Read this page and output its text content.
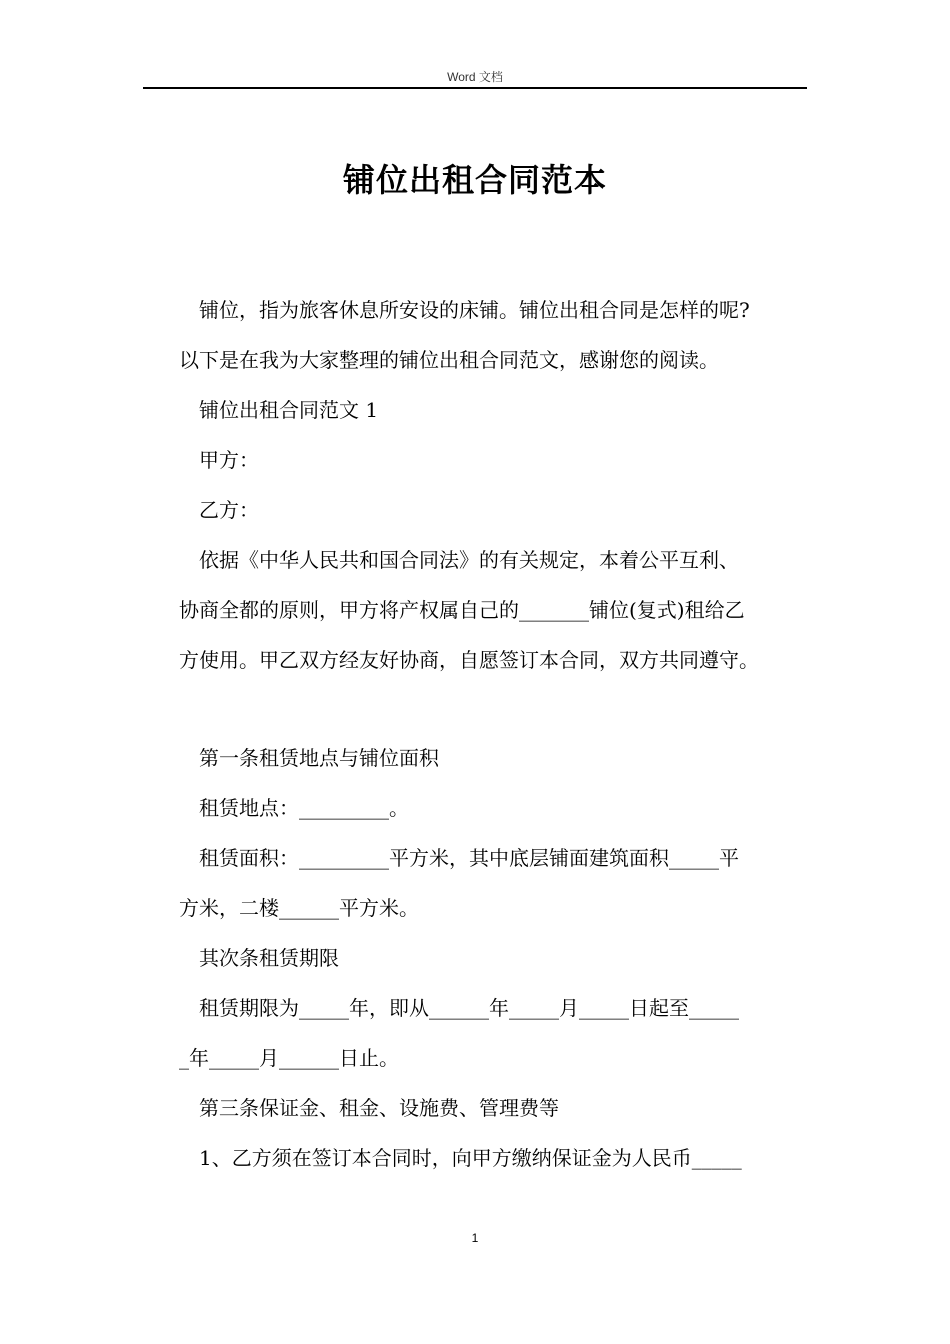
Word 文档
铺位出租合同范本
铺位，指为旅客休息所安设的床铺。铺位出租合同是怎样的呢?
以下是在我为大家整理的铺位出租合同范文，感谢您的阅读。
铺位出租合同范文 1
甲方：
乙方：
依据《中华人民共和国合同法》的有关规定，本着公平互利、
协商全都的原则，甲方将产权属自己的_______铺位(复式)租给乙
方使用。甲乙双方经友好协商，自愿签订本合同，双方共同遵守。
第一条租赁地点与铺位面积
租赁地点：_________。
租赁面积：_________平方米，其中底层铺面建筑面积_____平
方米，二楼______平方米。
其次条租赁期限
租赁期限为_____年，即从______年_____月_____日起至_____
_年_____月______日止。
第三条保证金、租金、设施费、管理费等
1、乙方须在签订本合同时，向甲方缴纳保证金为人民币_____
1
